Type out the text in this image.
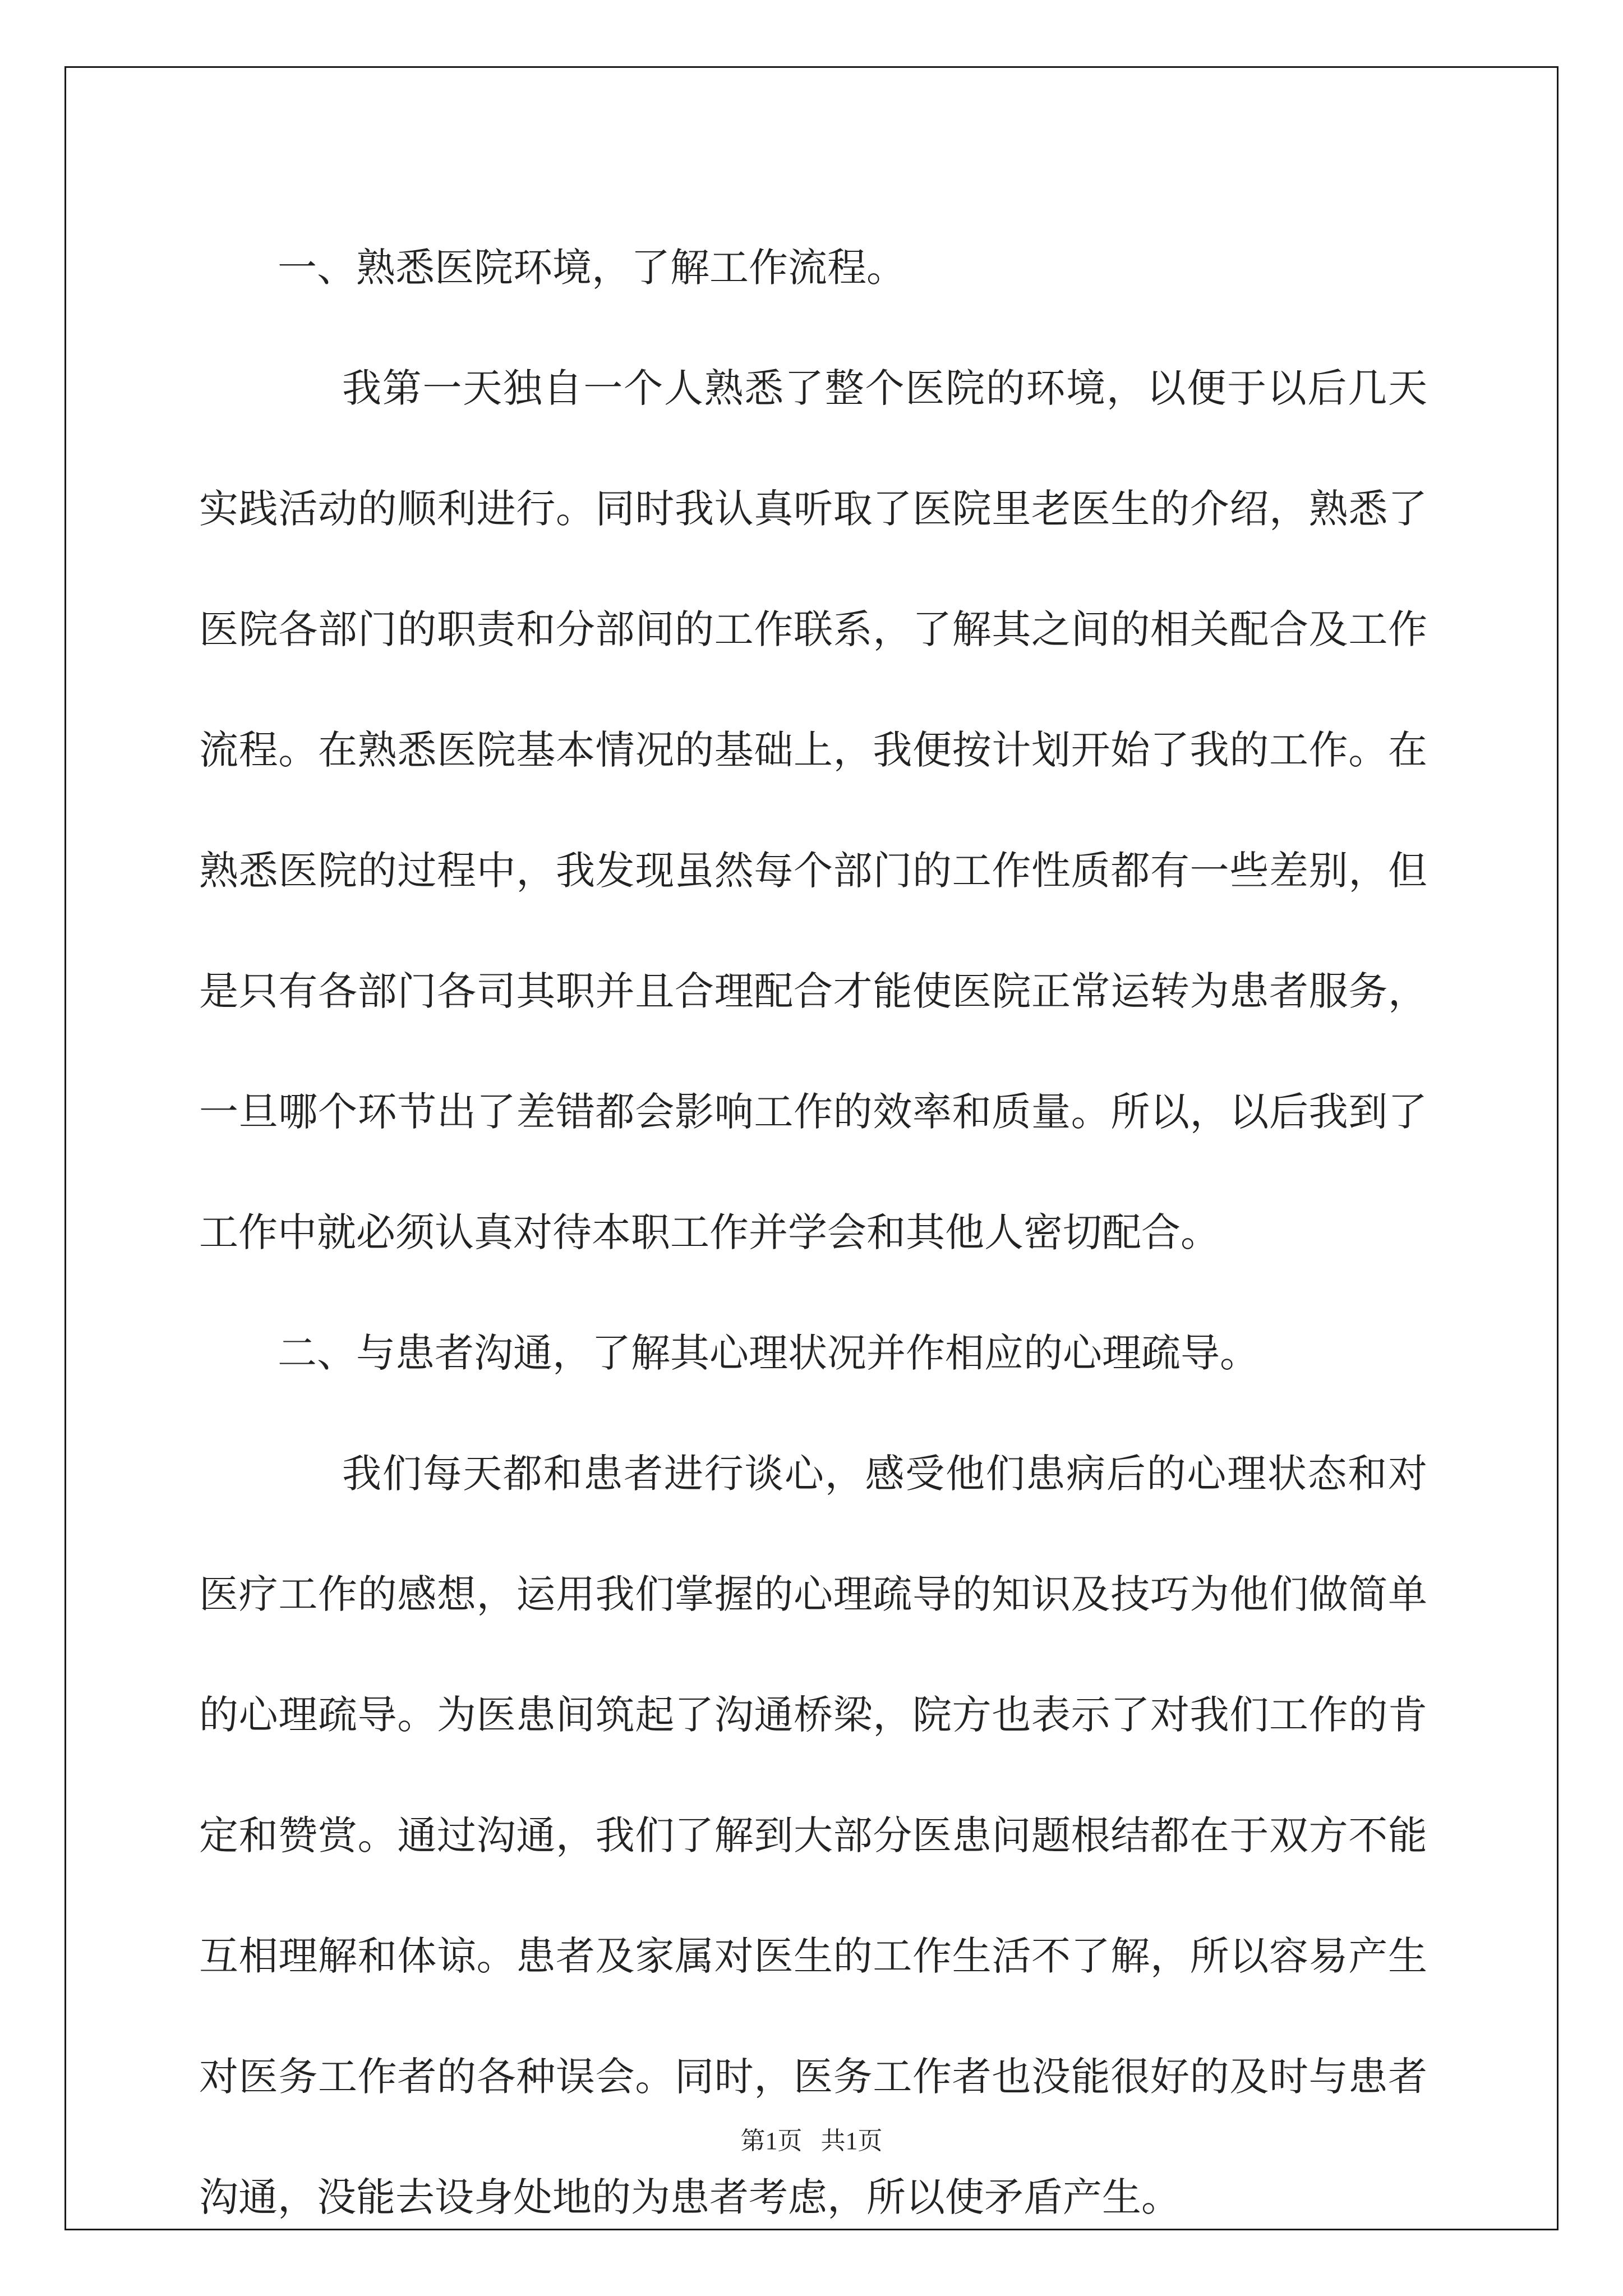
一、熟悉医院环境，了解工作流程。

我第一天独自一个人熟悉了整个医院的环境，以便于以后几天实践活动的顺利进行。同时我认真听取了医院里老医生的介绍，熟悉了医院各部门的职责和分部间的工作联系，了解其之间的相关配合及工作流程。在熟悉医院基本情况的基础上，我便按计划开始了我的工作。在熟悉医院的过程中，我发现虽然每个部门的工作性质都有一些差别，但是只有各部门各司其职并且合理配合才能使医院正常运转为患者服务，一旦哪个环节出了差错都会影响工作的效率和质量。所以，以后我到了工作中就必须认真对待本职工作并学会和其他人密切配合。

二、与患者沟通，了解其心理状况并作相应的心理疏导。

我们每天都和患者进行谈心，感受他们患病后的心理状态和对医疗工作的感想，运用我们掌握的心理疏导的知识及技巧为他们做简单的心理疏导。为医患间筑起了沟通桥梁，院方也表示了对我们工作的肯定和赞赏。通过沟通，我们了解到大部分医患问题根结都在于双方不能互相理解和体谅。患者及家属对医生的工作生活不了解，所以容易产生对医务工作者的各种误会。同时，医务工作者也没能很好的及时与患者沟通，没能去设身处地的为患者考虑，所以使矛盾产生。

第1页   共1页
